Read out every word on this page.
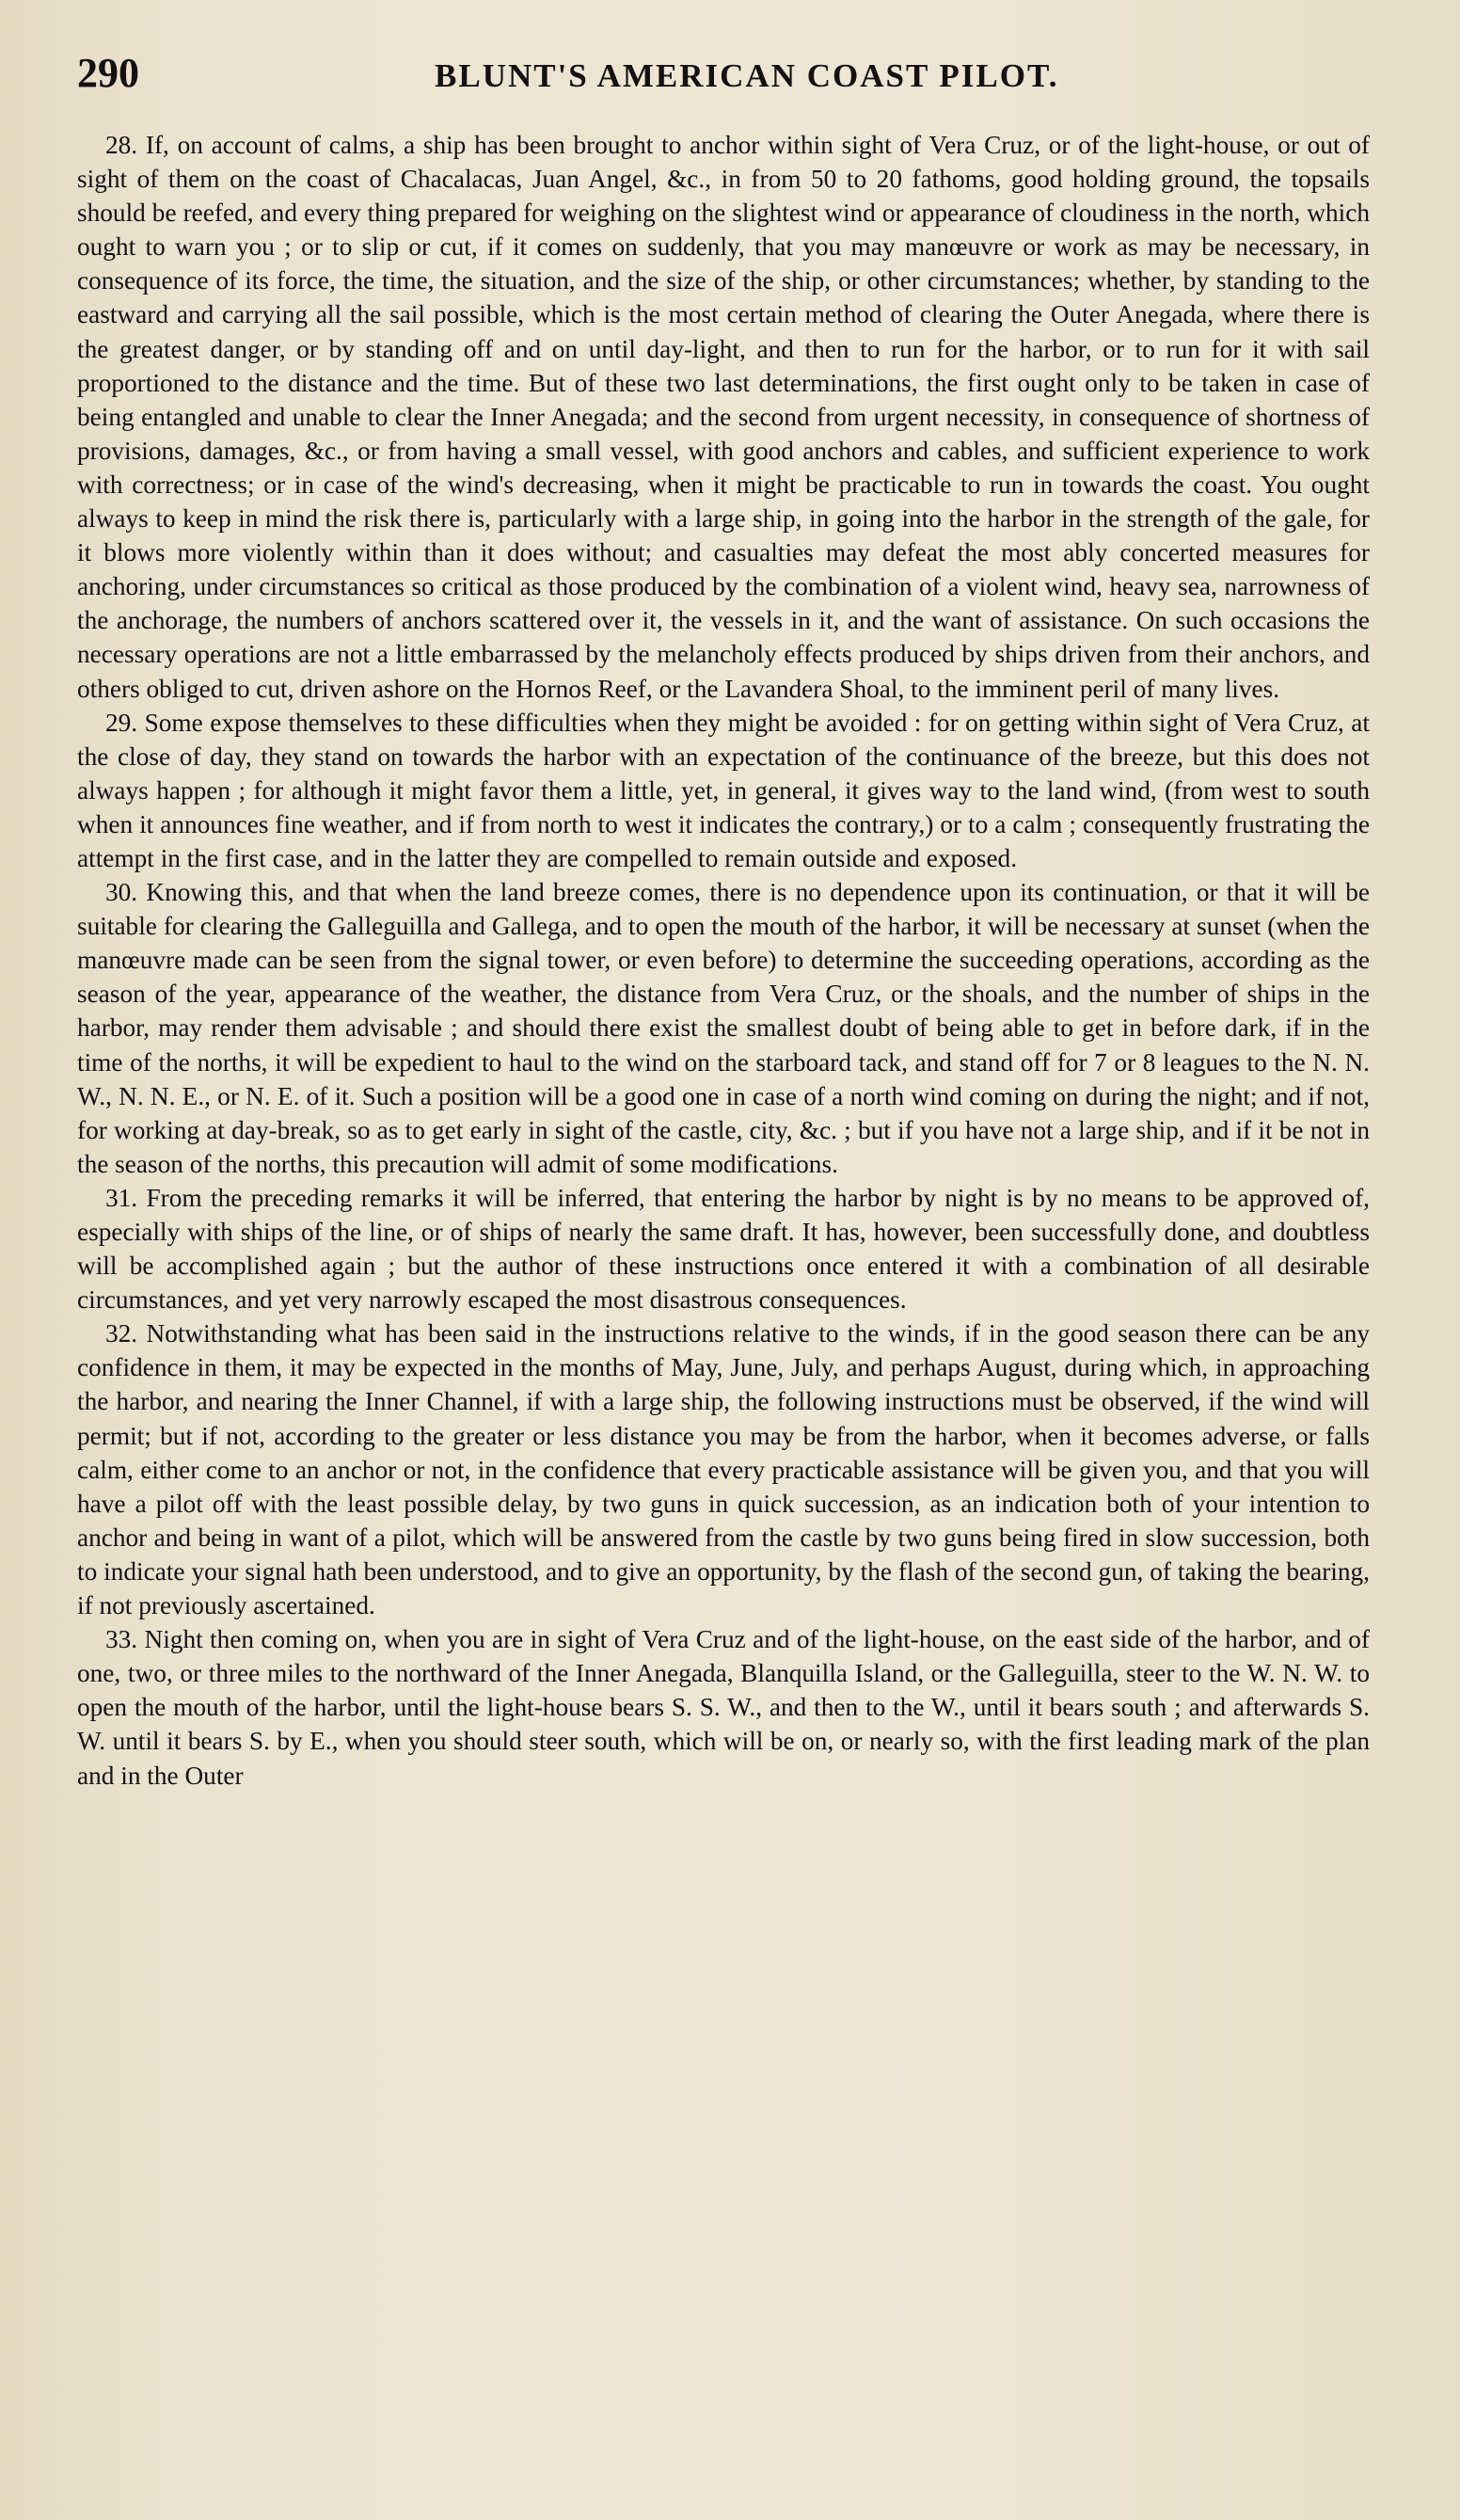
290	BLUNT'S AMERICAN COAST PILOT.

28. If, on account of calms, a ship has been brought to anchor within sight of Vera Cruz, or of the light-house, or out of sight of them on the coast of Chacalacas, Juan Angel, &c., in from 50 to 20 fathoms, good holding ground, the topsails should be reefed, and every thing prepared for weighing on the slightest wind or appearance of cloudiness in the north, which ought to warn you ; or to slip or cut, if it comes on suddenly, that you may manœuvre or work as may be necessary, in consequence of its force, the time, the situation, and the size of the ship, or other circumstances; whether, by standing to the eastward and carrying all the sail possible, which is the most certain method of clearing the Outer Anegada, where there is the greatest danger, or by standing off and on until day-light, and then to run for the harbor, or to run for it with sail proportioned to the distance and the time. But of these two last determinations, the first ought only to be taken in case of being entangled and unable to clear the Inner Anegada; and the second from urgent necessity, in consequence of shortness of provisions, damages, &c., or from having a small vessel, with good anchors and cables, and sufficient experience to work with correctness; or in case of the wind's decreasing, when it might be practicable to run in towards the coast. You ought always to keep in mind the risk there is, particularly with a large ship, in going into the harbor in the strength of the gale, for it blows more violently within than it does without; and casualties may defeat the most ably concerted measures for anchoring, under circumstances so critical as those produced by the combination of a violent wind, heavy sea, narrowness of the anchorage, the numbers of anchors scattered over it, the vessels in it, and the want of assistance. On such occasions the necessary operations are not a little embarrassed by the melancholy effects produced by ships driven from their anchors, and others obliged to cut, driven ashore on the Hornos Reef, or the Lavandera Shoal, to the imminent peril of many lives.

29. Some expose themselves to these difficulties when they might be avoided : for on getting within sight of Vera Cruz, at the close of day, they stand on towards the harbor with an expectation of the continuance of the breeze, but this does not always happen ; for although it might favor them a little, yet, in general, it gives way to the land wind, (from west to south when it announces fine weather, and if from north to west it indicates the contrary,) or to a calm ; consequently frustrating the attempt in the first case, and in the latter they are compelled to remain outside and exposed.

30. Knowing this, and that when the land breeze comes, there is no dependence upon its continuation, or that it will be suitable for clearing the Galleguilla and Gallega, and to open the mouth of the harbor, it will be necessary at sunset (when the manœuvre made can be seen from the signal tower, or even before) to determine the succeeding operations, according as the season of the year, appearance of the weather, the distance from Vera Cruz, or the shoals, and the number of ships in the harbor, may render them advisable ; and should there exist the smallest doubt of being able to get in before dark, if in the time of the norths, it will be expedient to haul to the wind on the starboard tack, and stand off for 7 or 8 leagues to the N. N. W., N. N. E., or N. E. of it. Such a position will be a good one in case of a north wind coming on during the night; and if not, for working at day-break, so as to get early in sight of the castle, city, &c. ; but if you have not a large ship, and if it be not in the season of the norths, this precaution will admit of some modifications.

31. From the preceding remarks it will be inferred, that entering the harbor by night is by no means to be approved of, especially with ships of the line, or of ships of nearly the same draft. It has, however, been successfully done, and doubtless will be accomplished again ; but the author of these instructions once entered it with a combination of all desirable circumstances, and yet very narrowly escaped the most disastrous consequences.

32. Notwithstanding what has been said in the instructions relative to the winds, if in the good season there can be any confidence in them, it may be expected in the months of May, June, July, and perhaps August, during which, in approaching the harbor, and nearing the Inner Channel, if with a large ship, the following instructions must be observed, if the wind will permit; but if not, according to the greater or less distance you may be from the harbor, when it becomes adverse, or falls calm, either come to an anchor or not, in the confidence that every practicable assistance will be given you, and that you will have a pilot off with the least possible delay, by two guns in quick succession, as an indication both of your intention to anchor and being in want of a pilot, which will be answered from the castle by two guns being fired in slow succession, both to indicate your signal hath been understood, and to give an opportunity, by the flash of the second gun, of taking the bearing, if not previously ascertained.

33. Night then coming on, when you are in sight of Vera Cruz and of the light-house, on the east side of the harbor, and of one, two, or three miles to the northward of the Inner Anegada, Blanquilla Island, or the Galleguilla, steer to the W. N. W. to open the mouth of the harbor, until the light-house bears S. S. W., and then to the W., until it bears south ; and afterwards S. W. until it bears S. by E., when you should steer south, which will be on, or nearly so, with the first leading mark of the plan and in the Outer
